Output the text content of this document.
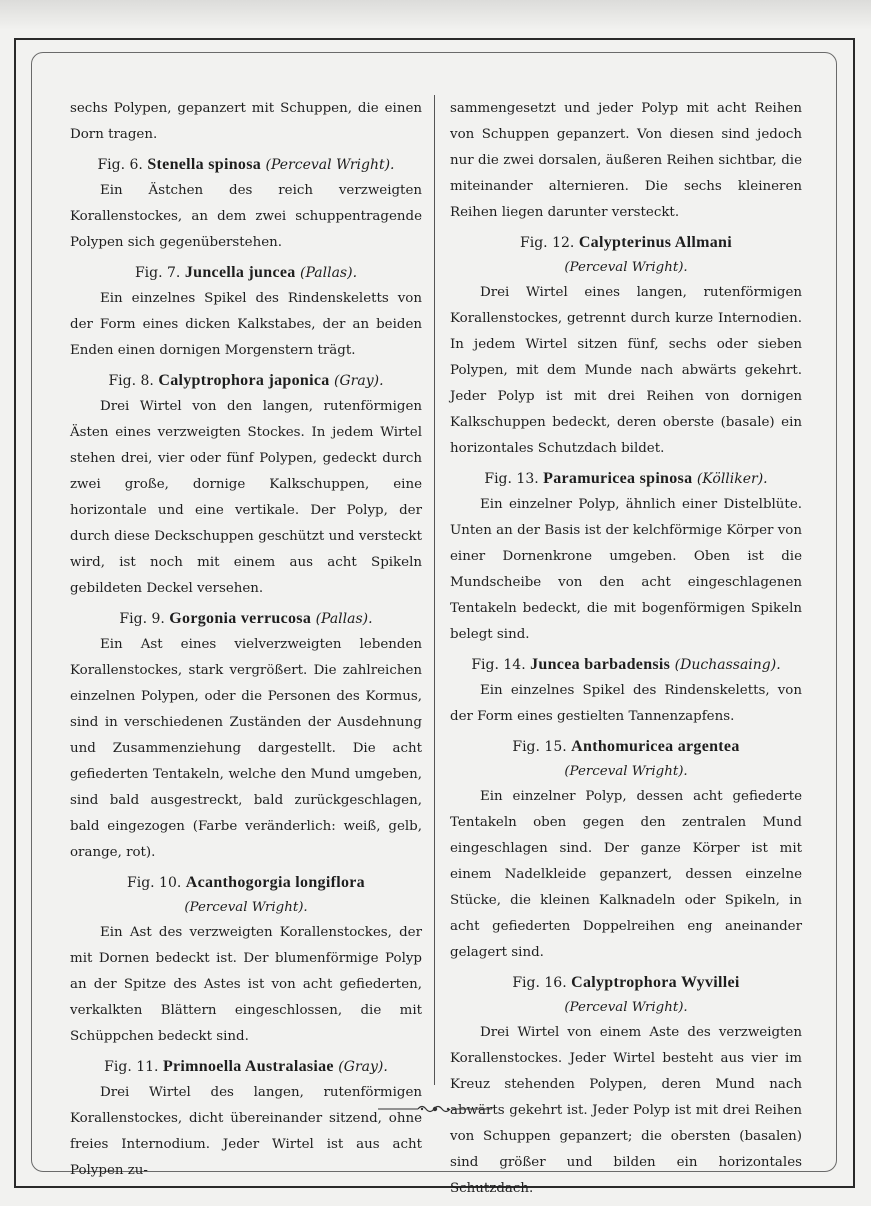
sechs Polypen, gepanzert mit Schuppen, die einen Dorn tragen.

Fig. 6. Stenella spinosa (Perceval Wright).

Ein Ästchen des reich verzweigten Korallenstockes, an dem zwei schuppentragende Polypen sich gegenüberstehen.

Fig. 7. Juncella juncea (Pallas).

Ein einzelnes Spikel des Rindenskeletts von der Form eines dicken Kalkstabes, der an beiden Enden einen dornigen Morgenstern trägt.

Fig. 8. Calyptrophora japonica (Gray).

Drei Wirtel von den langen, rutenförmigen Ästen eines verzweigten Stockes. In jedem Wirtel stehen drei, vier oder fünf Polypen, gedeckt durch zwei große, dornige Kalkschuppen, eine horizontale und eine vertikale. Der Polyp, der durch diese Deckschuppen geschützt und versteckt wird, ist noch mit einem aus acht Spikeln gebildeten Deckel versehen.

Fig. 9. Gorgonia verrucosa (Pallas).

Ein Ast eines vielverzweigten lebenden Korallenstockes, stark vergrößert. Die zahlreichen einzelnen Polypen, oder die Personen des Kormus, sind in verschiedenen Zuständen der Ausdehnung und Zusammenziehung dargestellt. Die acht gefiederten Tentakeln, welche den Mund umgeben, sind bald ausgestreckt, bald zurückgeschlagen, bald eingezogen (Farbe veränderlich: weiß, gelb, orange, rot).

Fig. 10. Acanthogorgia longiflora

(Perceval Wright).

Ein Ast des verzweigten Korallenstockes, der mit Dornen bedeckt ist. Der blumenförmige Polyp an der Spitze des Astes ist von acht gefiederten, verkalkten Blättern eingeschlossen, die mit Schüppchen bedeckt sind.

Fig. 11. Primnoella Australasiae (Gray).

Drei Wirtel des langen, rutenförmigen Korallenstockes, dicht übereinander sitzend, ohne freies Internodium. Jeder Wirtel ist aus acht Polypen zu-

sammengesetzt und jeder Polyp mit acht Reihen von Schuppen gepanzert. Von diesen sind jedoch nur die zwei dorsalen, äußeren Reihen sichtbar, die miteinander alternieren. Die sechs kleineren Reihen liegen darunter versteckt.

Fig. 12. Calypterinus Allmani

(Perceval Wright).

Drei Wirtel eines langen, rutenförmigen Korallenstockes, getrennt durch kurze Internodien. In jedem Wirtel sitzen fünf, sechs oder sieben Polypen, mit dem Munde nach abwärts gekehrt. Jeder Polyp ist mit drei Reihen von dornigen Kalkschuppen bedeckt, deren oberste (basale) ein horizontales Schutzdach bildet.

Fig. 13. Paramuricea spinosa (Kölliker).

Ein einzelner Polyp, ähnlich einer Distelblüte. Unten an der Basis ist der kelchförmige Körper von einer Dornenkrone umgeben. Oben ist die Mundscheibe von den acht eingeschlagenen Tentakeln bedeckt, die mit bogenförmigen Spikeln belegt sind.

Fig. 14. Juncea barbadensis (Duchassaing).

Ein einzelnes Spikel des Rindenskeletts, von der Form eines gestielten Tannenzapfens.

Fig. 15. Anthomuricea argentea

(Perceval Wright).

Ein einzelner Polyp, dessen acht gefiederte Tentakeln oben gegen den zentralen Mund eingeschlagen sind. Der ganze Körper ist mit einem Nadelkleide gepanzert, dessen einzelne Stücke, die kleinen Kalknadeln oder Spikeln, in acht gefiederten Doppelreihen eng aneinander gelagert sind.

Fig. 16. Calyptrophora Wyvillei

(Perceval Wright).

Drei Wirtel von einem Aste des verzweigten Korallenstockes. Jeder Wirtel besteht aus vier im Kreuz stehenden Polypen, deren Mund nach abwärts gekehrt ist. Jeder Polyp ist mit drei Reihen von Schuppen gepanzert; die obersten (basalen) sind größer und bilden ein horizontales Schutzdach.
